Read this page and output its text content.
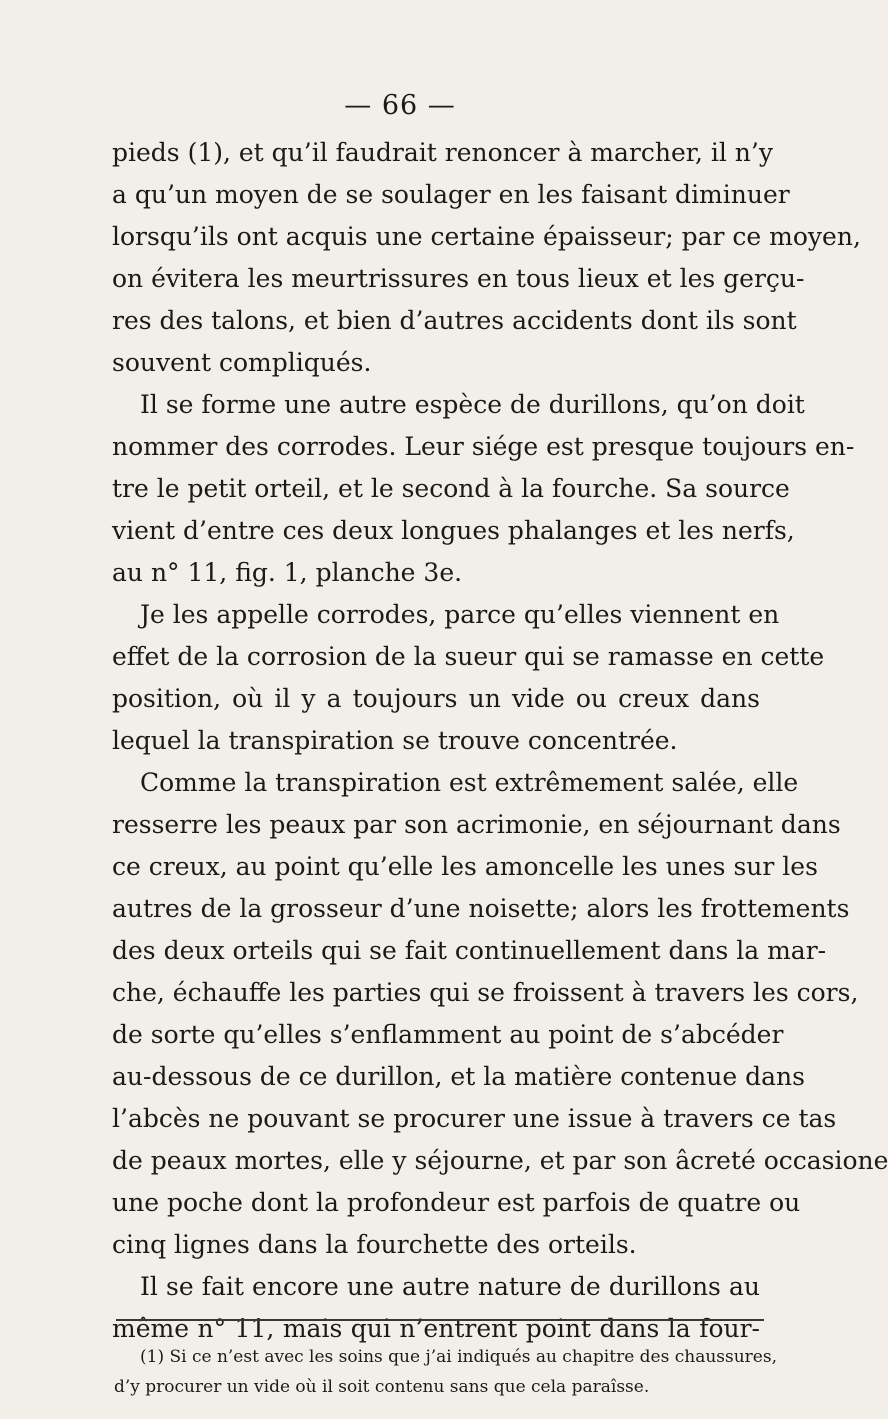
— 66 —
pieds (1), et qu’il faudrait renoncer à marcher, il n’y
a qu’un moyen de se soulager en les faisant diminuer
lorsqu’ils ont acquis une certaine épaisseur; par ce moyen,
on évitera les meurtrissures en tous lieux et les gerçu-
res des talons, et bien d’autres accidents dont ils sont
souvent compliqués.
Il se forme une autre espèce de durillons, qu’on doit
nommer des corrodes. Leur siége est presque toujours en-
tre le petit orteil, et le second à la fourche. Sa source
vient d’entre ces deux longues phalanges et les nerfs,
au n° 11, fig. 1, planche 3e.
Je les appelle corrodes, parce qu’elles viennent en
effet de la corrosion de la sueur qui se ramasse en cette
position, où il y a toujours un vide ou creux dans
lequel la transpiration se trouve concentrée.
Comme la transpiration est extrêmement salée, elle
resserre les peaux par son acrimonie, en séjournant dans
ce creux, au point qu’elle les amoncelle les unes sur les
autres de la grosseur d’une noisette; alors les frottements
des deux orteils qui se fait continuellement dans la mar-
che, échauffe les parties qui se froissent à travers les cors,
de sorte qu’elles s’enflamment au point de s’abcéder
au-dessous de ce durillon, et la matière contenue dans
l’abcès ne pouvant se procurer une issue à travers ce tas
de peaux mortes, elle y séjourne, et par son âcreté occasione
une poche dont la profondeur est parfois de quatre ou
cinq lignes dans la fourchette des orteils.
Il se fait encore une autre nature de durillons au
même n° 11, mais qui n’entrent point dans la four-
(1) Si ce n’est avec les soins que j’ai indiqués au chapitre des chaussures,
d’y procurer un vide où il soit contenu sans que cela paraîsse.
